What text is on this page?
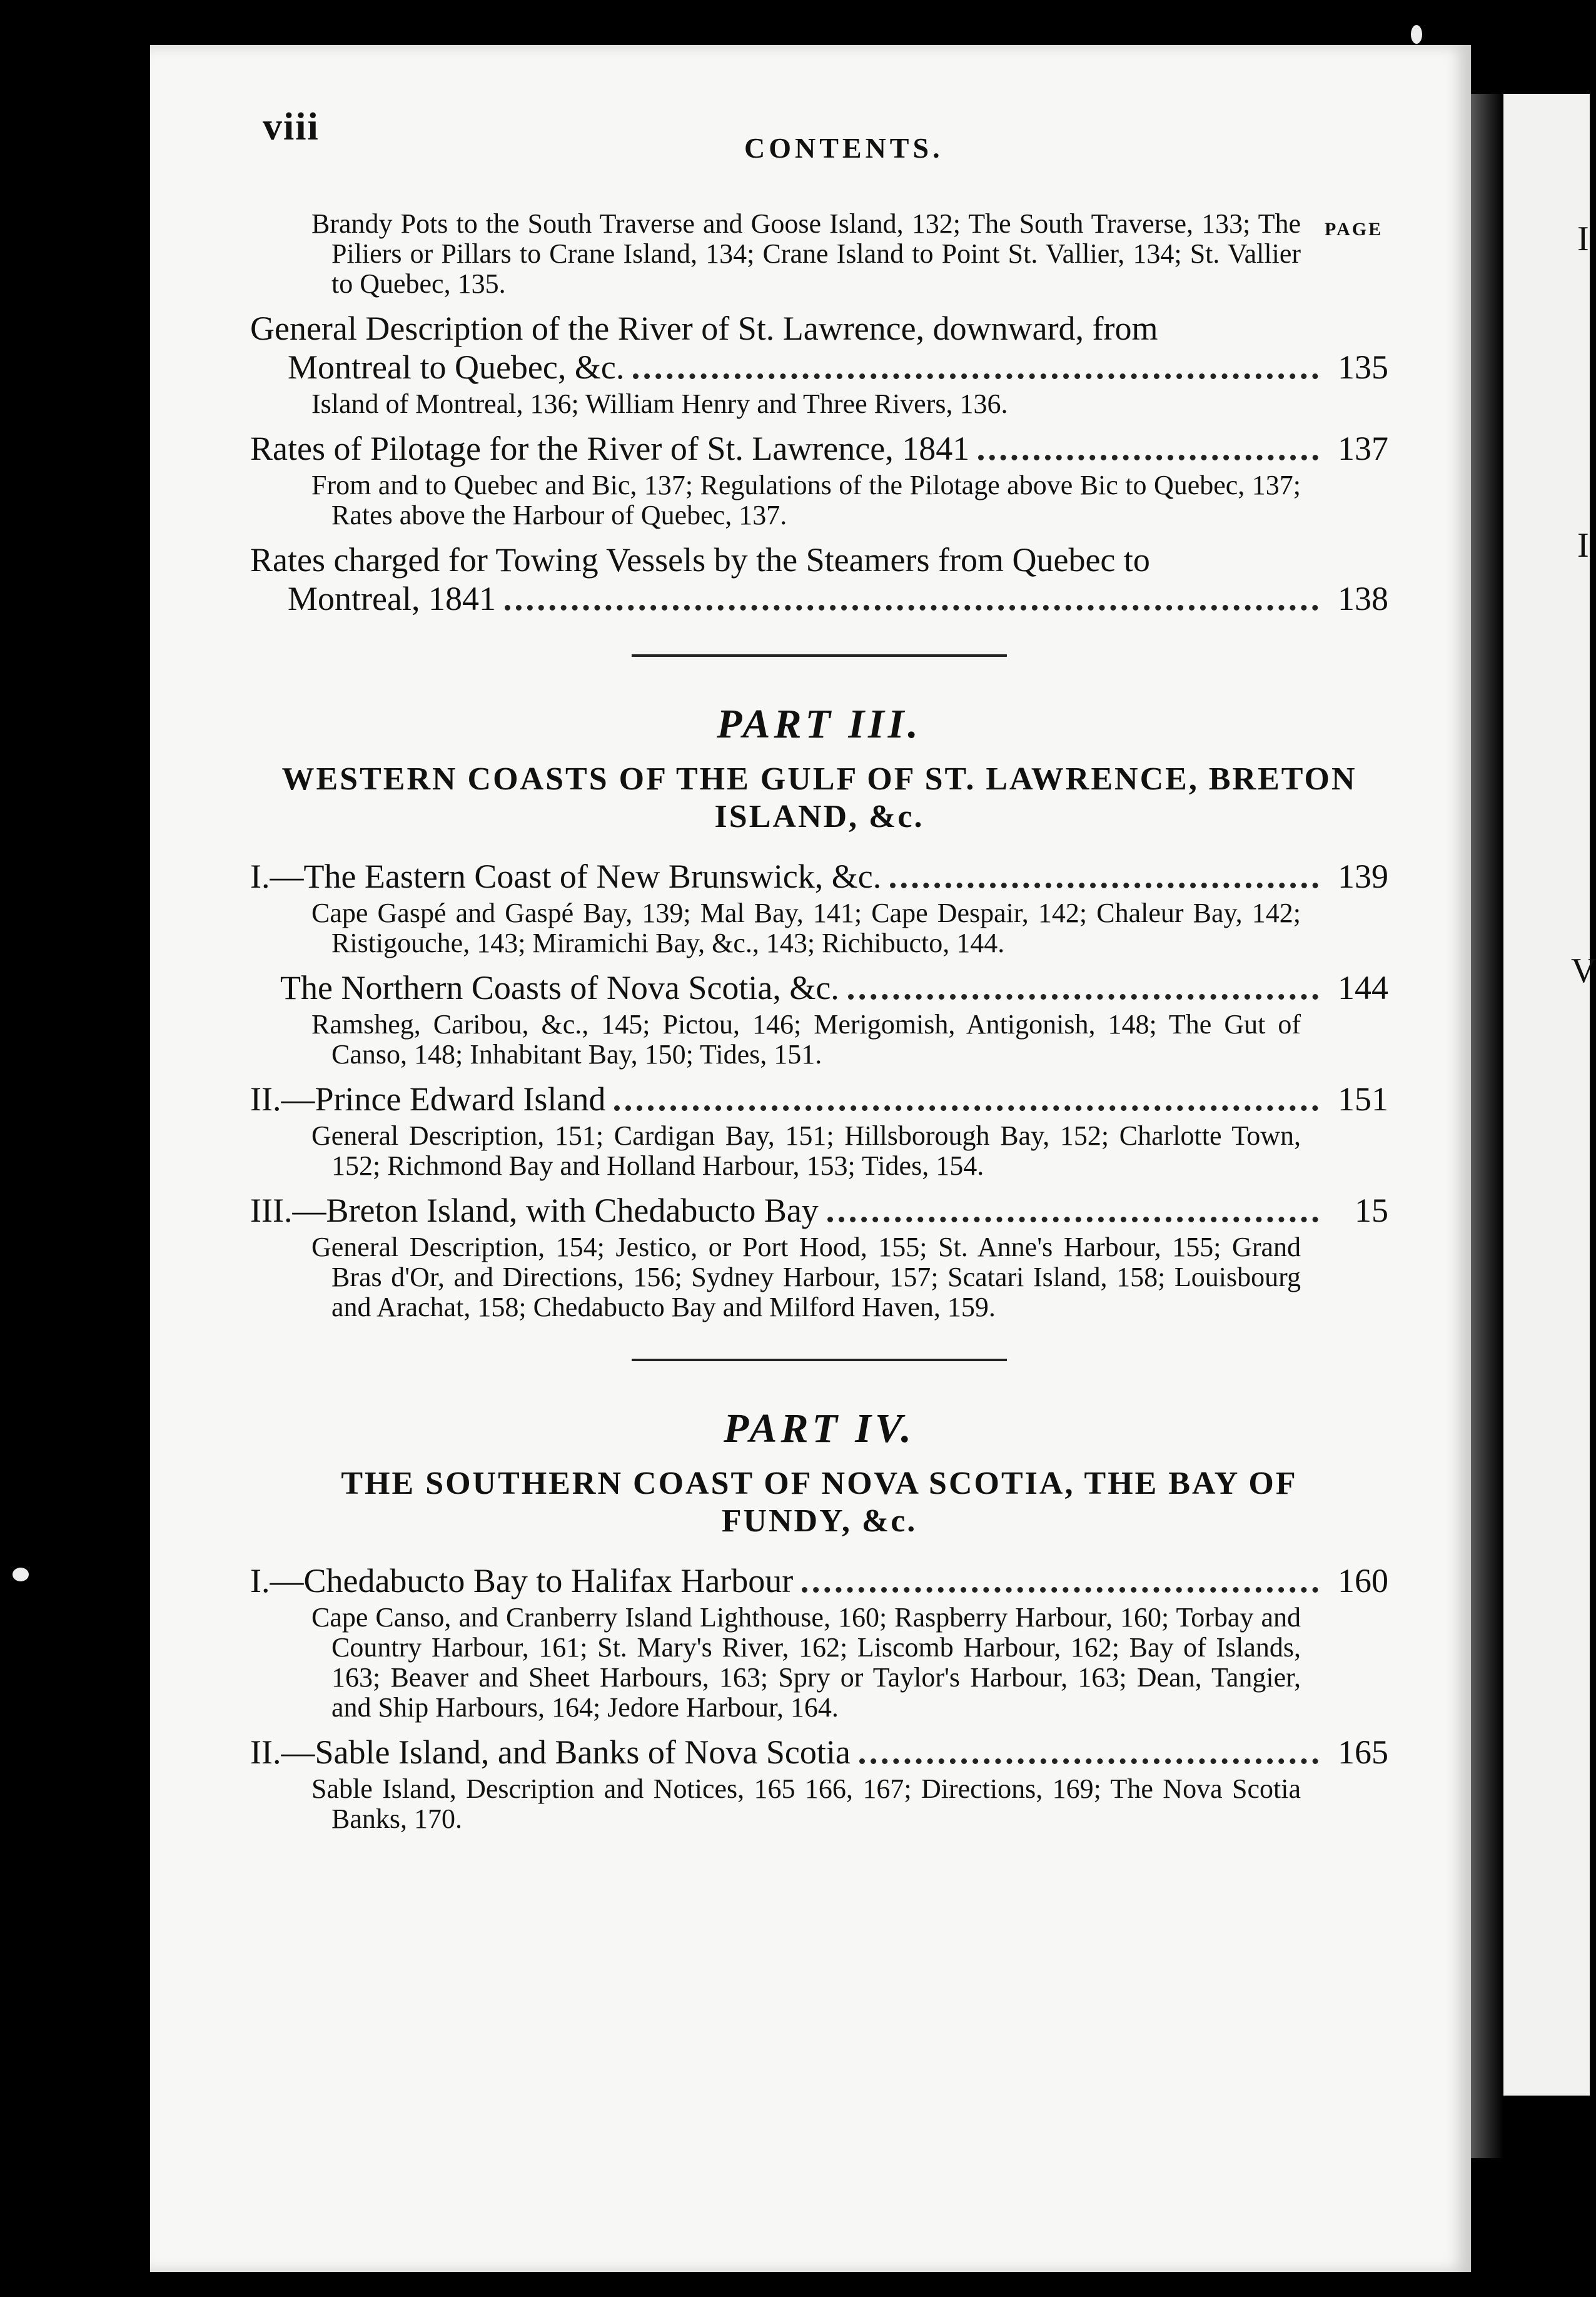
I
I
V
viii	CONTENTS.
PAGE
Brandy Pots to the South Traverse and Goose Island, 132; The South Traverse, 133; The Piliers or Pillars to Crane Island, 134; Crane Island to Point St. Vallier, 134; St. Vallier to Quebec, 135.
General Description of the River of St. Lawrence, downward, from
Montreal to Quebec, &c.	135
Island of Montreal, 136; William Henry and Three Rivers, 136.
Rates of Pilotage for the River of St. Lawrence, 1841	137
From and to Quebec and Bic, 137; Regulations of the Pilotage above Bic to Quebec, 137; Rates above the Harbour of Quebec, 137.
Rates charged for Towing Vessels by the Steamers from Quebec to
Montreal, 1841	138
PART III.
WESTERN COASTS OF THE GULF OF ST. LAWRENCE, BRETON ISLAND, &c.
I.—The Eastern Coast of New Brunswick, &c.	139
Cape Gaspé and Gaspé Bay, 139; Mal Bay, 141; Cape Despair, 142; Chaleur Bay, 142; Ristigouche, 143; Miramichi Bay, &c., 143; Richibucto, 144.
The Northern Coasts of Nova Scotia, &c.	144
Ramsheg, Caribou, &c., 145; Pictou, 146; Merigomish, Antigonish, 148; The Gut of Canso, 148; Inhabitant Bay, 150; Tides, 151.
II.—Prince Edward Island	151
General Description, 151; Cardigan Bay, 151; Hillsborough Bay, 152; Charlotte Town, 152; Richmond Bay and Holland Harbour, 153; Tides, 154.
III.—Breton Island, with Chedabucto Bay	15
General Description, 154; Jestico, or Port Hood, 155; St. Anne's Harbour, 155; Grand Bras d'Or, and Directions, 156; Sydney Harbour, 157; Scatari Island, 158; Louisbourg and Arachat, 158; Chedabucto Bay and Milford Haven, 159.
PART IV.
THE SOUTHERN COAST OF NOVA SCOTIA, THE BAY OF FUNDY, &c.
I.—Chedabucto Bay to Halifax Harbour	160
Cape Canso, and Cranberry Island Lighthouse, 160; Raspberry Harbour, 160; Torbay and Country Harbour, 161; St. Mary's River, 162; Liscomb Harbour, 162; Bay of Islands, 163; Beaver and Sheet Harbours, 163; Spry or Taylor's Harbour, 163; Dean, Tangier, and Ship Harbours, 164; Jedore Harbour, 164.
II.—Sable Island, and Banks of Nova Scotia	165
Sable Island, Description and Notices, 165 166, 167; Directions, 169; The Nova Scotia Banks, 170.
